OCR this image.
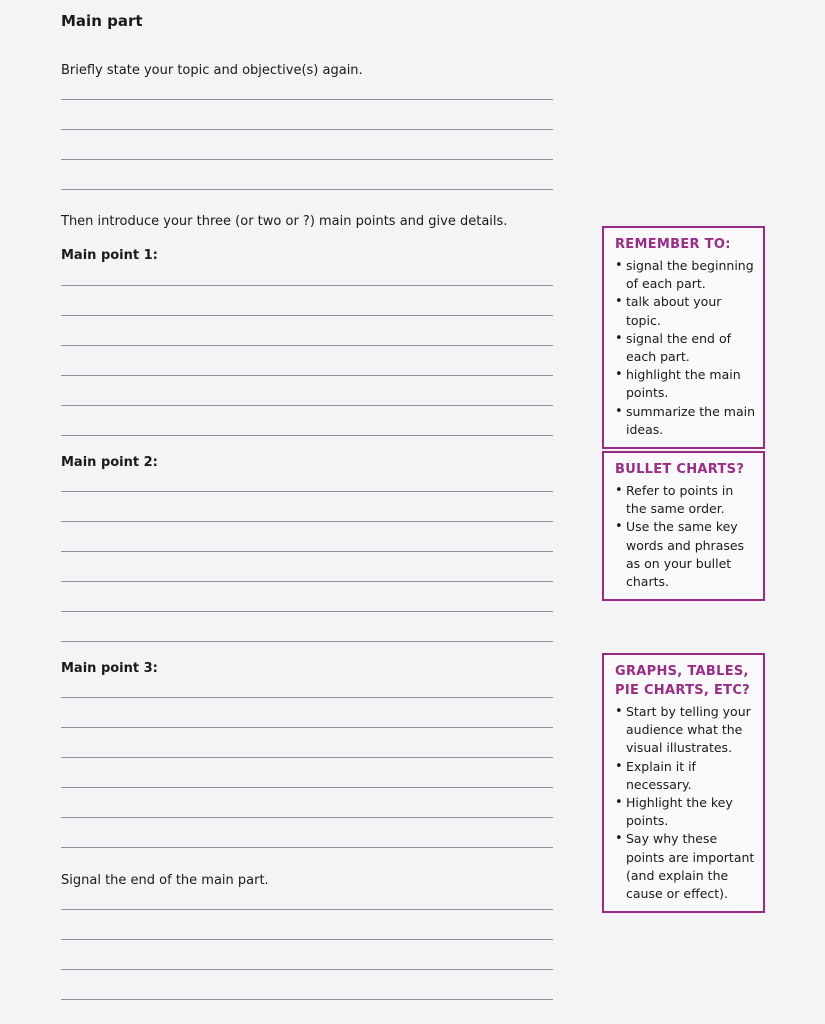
Main part
Briefly state your topic and objective(s) again.
Then introduce your three (or two or ?) main points and give details.
Main point 1:
Main point 2:
Main point 3:
Signal the end of the main part.
REMEMBER TO:
• signal the beginning of each part.
• talk about your topic.
• signal the end of each part.
• highlight the main points.
• summarize the main ideas.
BULLET CHARTS?
• Refer to points in the same order.
• Use the same key words and phrases as on your bullet charts.
GRAPHS, TABLES, PIE CHARTS, ETC?
• Start by telling your audience what the visual illustrates.
• Explain it if necessary.
• Highlight the key points.
• Say why these points are important (and explain the cause or effect).
